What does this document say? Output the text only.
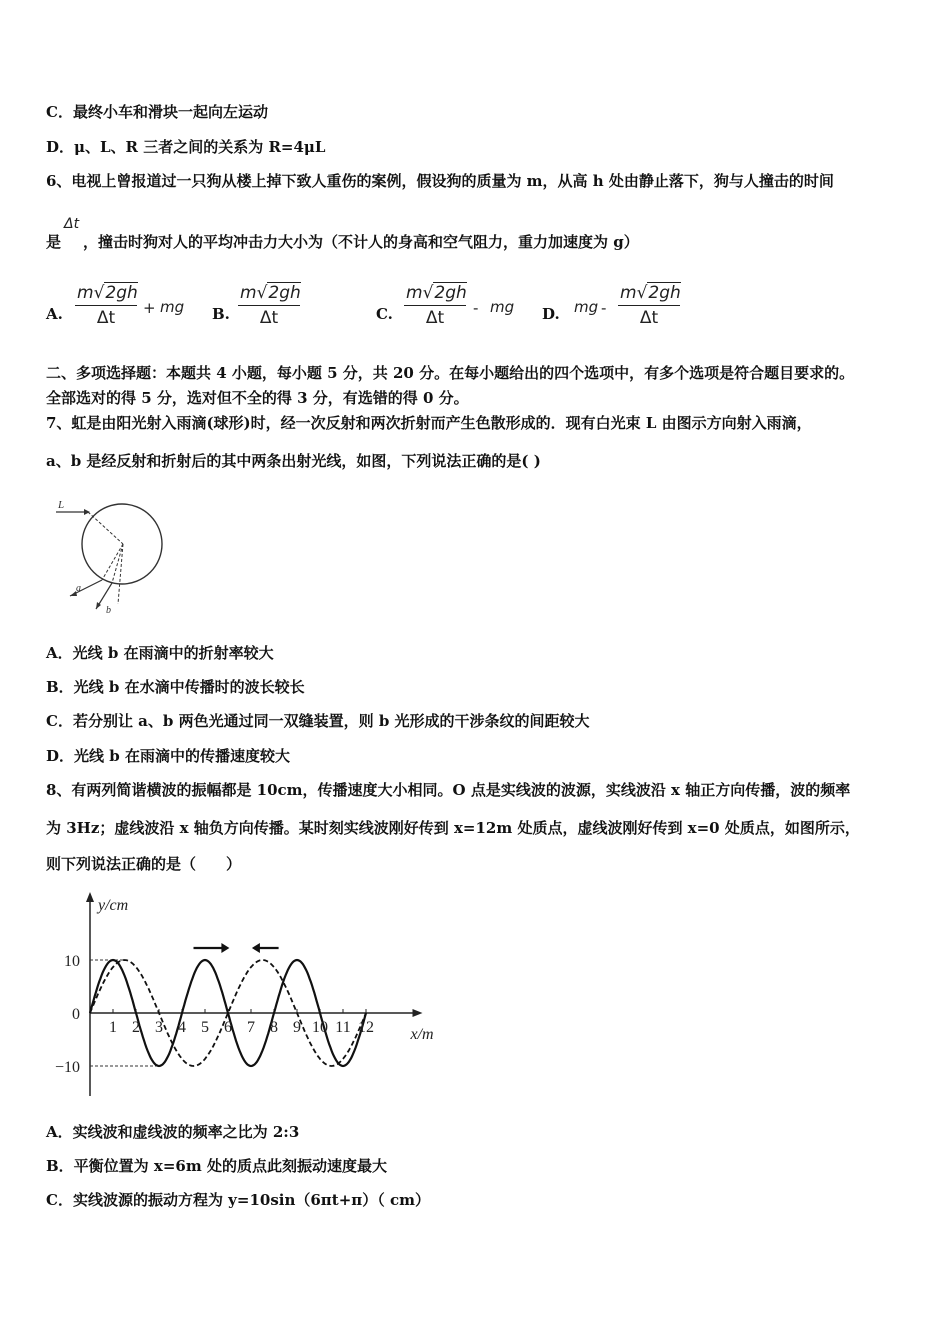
C．最终小车和滑块一起向左运动
D．μ、L、R 三者之间的关系为 R=4μL
6、电视上曾报道过一只狗从楼上掉下致人重伤的案例，假设狗的质量为 m，从高 h 处由静止落下，狗与人撞击的时间
是 ，撞击时狗对人的平均冲击力大小为（不计人的身高和空气阻力，重力加速度为 g）
Δt
A. $\frac{m√2gh}{\Delta t}$ + mg B. $\frac{m√2gh}{\Delta t}$	C. $\frac{m√2gh}{\Delta t}$ - mg D. mg - $\frac{m√2gh}{\Delta t}$
二、多项选择题：本题共 4 小题，每小题 5 分，共 20 分。在每小题给出的四个选项中，有多个选项是符合题目要求的。
全部选对的得 5 分，选对但不全的得 3 分，有选错的得 0 分。
7、虹是由阳光射入雨滴(球形)时，经一次反射和两次折射而产生色散形成的．现有白光束 L 由图示方向射入雨滴，
a、b 是经反射和折射后的其中两条出射光线，如图，下列说法正确的是( )
L
a
b
A．光线 b 在雨滴中的折射率较大
B．光线 b 在水滴中传播时的波长较长
C．若分别让 a、b 两色光通过同一双缝装置，则 b 光形成的干涉条纹的间距较大
D．光线 b 在雨滴中的传播速度较大
8、有两列简谐横波的振幅都是 10cm，传播速度大小相同。O 点是实线波的波源，实线波沿 x 轴正方向传播，波的频率
为 3Hz；虚线波沿 x 轴负方向传播。某时刻实线波刚好传到 x=12m 处质点，虚线波刚好传到 x=0 处质点，如图所示，
则下列说法正确的是（　　）
1 2 3 4 5 6 7 8 9 10 11 12
10
0
−10
y/cm
x/m
A．实线波和虚线波的频率之比为 2:3
B．平衡位置为 x=6m 处的质点此刻振动速度最大
C．实线波源的振动方程为 y=10sin（6πt+π）（ cm）
